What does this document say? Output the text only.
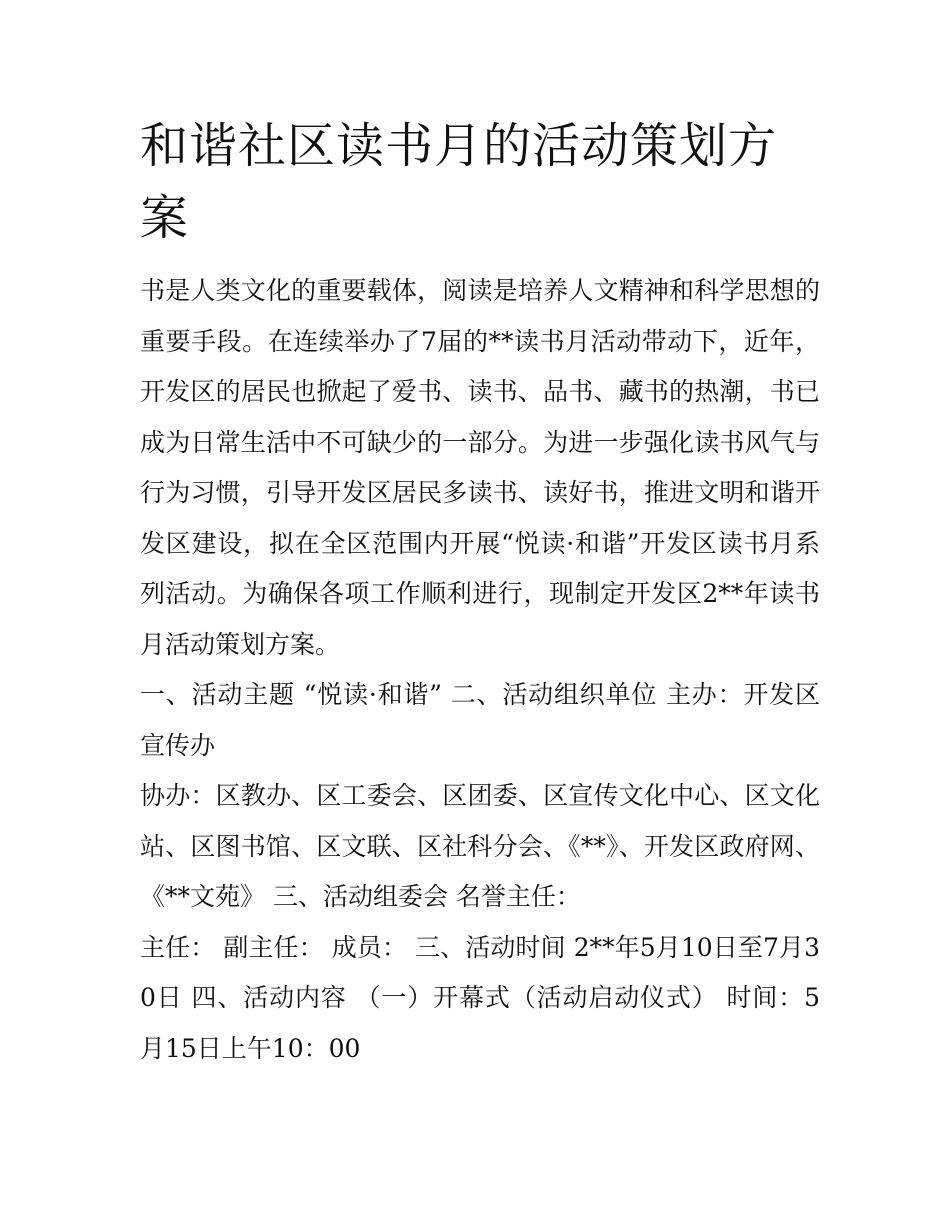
和谐社区读书月的活动策划方案

书是人类文化的重要载体，阅读是培养人文精神和科学思想的重要手段。在连续举办了7届的**读书月活动带动下，近年，开发区的居民也掀起了爱书、读书、品书、藏书的热潮，书已成为日常生活中不可缺少的一部分。为进一步强化读书风气与行为习惯，引导开发区居民多读书、读好书，推进文明和谐开发区建设，拟在全区范围内开展“悦读·和谐”开发区读书月系列活动。为确保各项工作顺利进行，现制定开发区2**年读书月活动策划方案。

一、活动主题 “悦读·和谐” 二、活动组织单位 主办：开发区宣传办

协办：区教办、区工委会、区团委、区宣传文化中心、区文化站、区图书馆、区文联、区社科分会、《**》、开发区政府网、《**文苑》 三、活动组委会 名誉主任：

主任： 副主任： 成员： 三、活动时间 2**年5月10日至7月30日 四、活动内容 （一）开幕式（活动启动仪式） 时间：5月15日上午10：00
